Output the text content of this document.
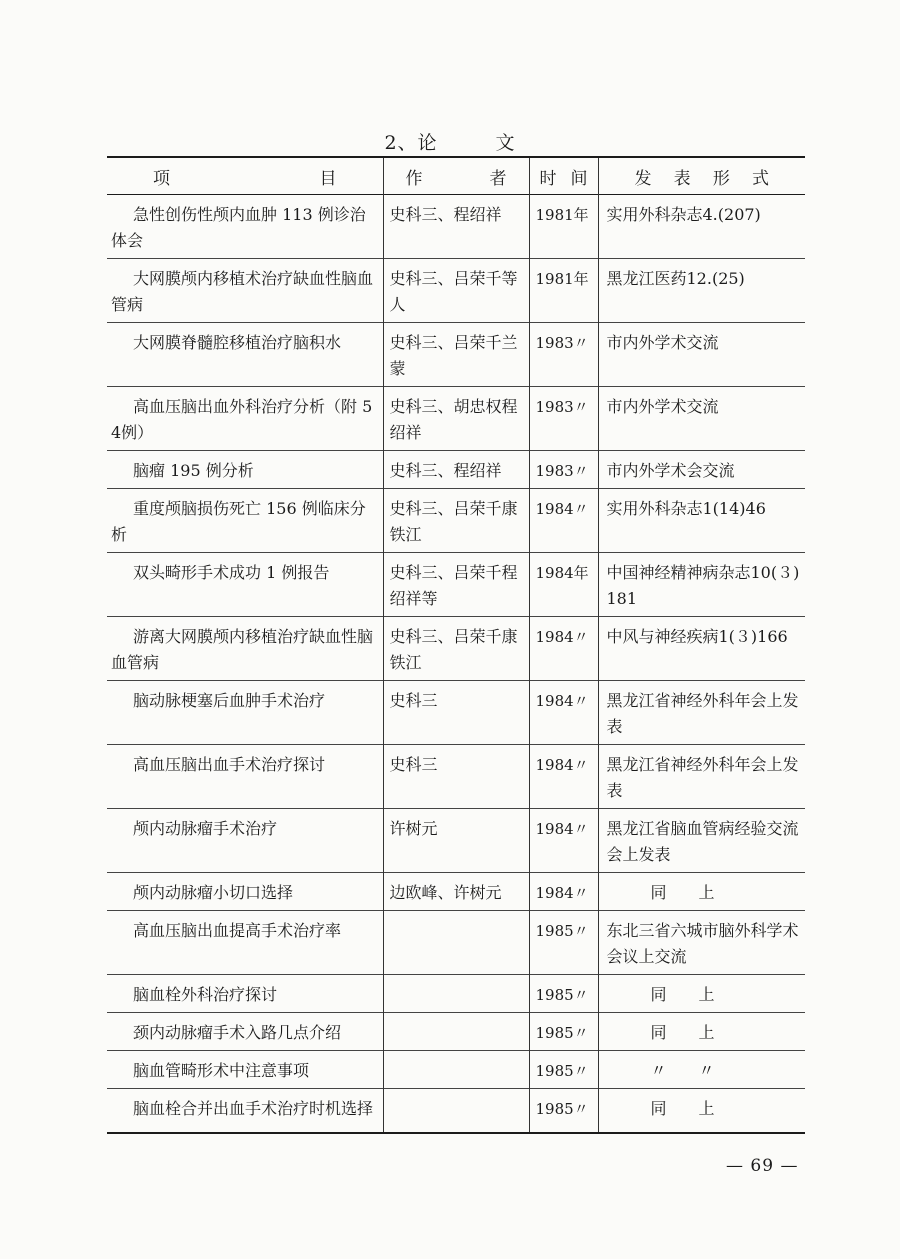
2、论	文
项 目	作 者	时 间	发 表 形 式

急性创伤性颅内血肿 113 例诊治体会	史科三、程绍祥	1981年	实用外科杂志4.(207)
大网膜颅内移植术治疗缺血性脑血管病	史科三、吕荣千等人	1981年	黑龙江医药12.(25)
大网膜脊髓腔移植治疗脑积水	史科三、吕荣千兰　蒙	1983〃	市内外学术交流
高血压脑出血外科治疗分析（附 54例）	史科三、胡忠权程绍祥	1983〃	市内外学术交流
脑瘤 195 例分析	史科三、程绍祥	1983〃	市内外学术会交流
重度颅脑损伤死亡 156 例临床分析	史科三、吕荣千康铁江	1984〃	实用外科杂志1(14)46
双头畸形手术成功 1 例报告	史科三、吕荣千程绍祥等	1984年	中国神经精神病杂志10(３)181
游离大网膜颅内移植治疗缺血性脑血管病	史科三、吕荣千康铁江	1984〃	中风与神经疾病1(３)166
脑动脉梗塞后血肿手术治疗	史科三	1984〃	黑龙江省神经外科年会上发表
高血压脑出血手术治疗探讨	史科三	1984〃	黑龙江省神经外科年会上发表
颅内动脉瘤手术治疗	许树元	1984〃	黑龙江省脑血管病经验交流会上发表
颅内动脉瘤小切口选择	边欧峰、许树元	1984〃	同　　上
高血压脑出血提高手术治疗率		1985〃	东北三省六城市脑外科学术会议上交流
脑血栓外科治疗探讨		1985〃	同　　上
颈内动脉瘤手术入路几点介绍		1985〃	同　　上
脑血管畸形术中注意事项		1985〃	〃　　〃
脑血栓合并出血手术治疗时机选择		1985〃	同　　上
— 69 —
